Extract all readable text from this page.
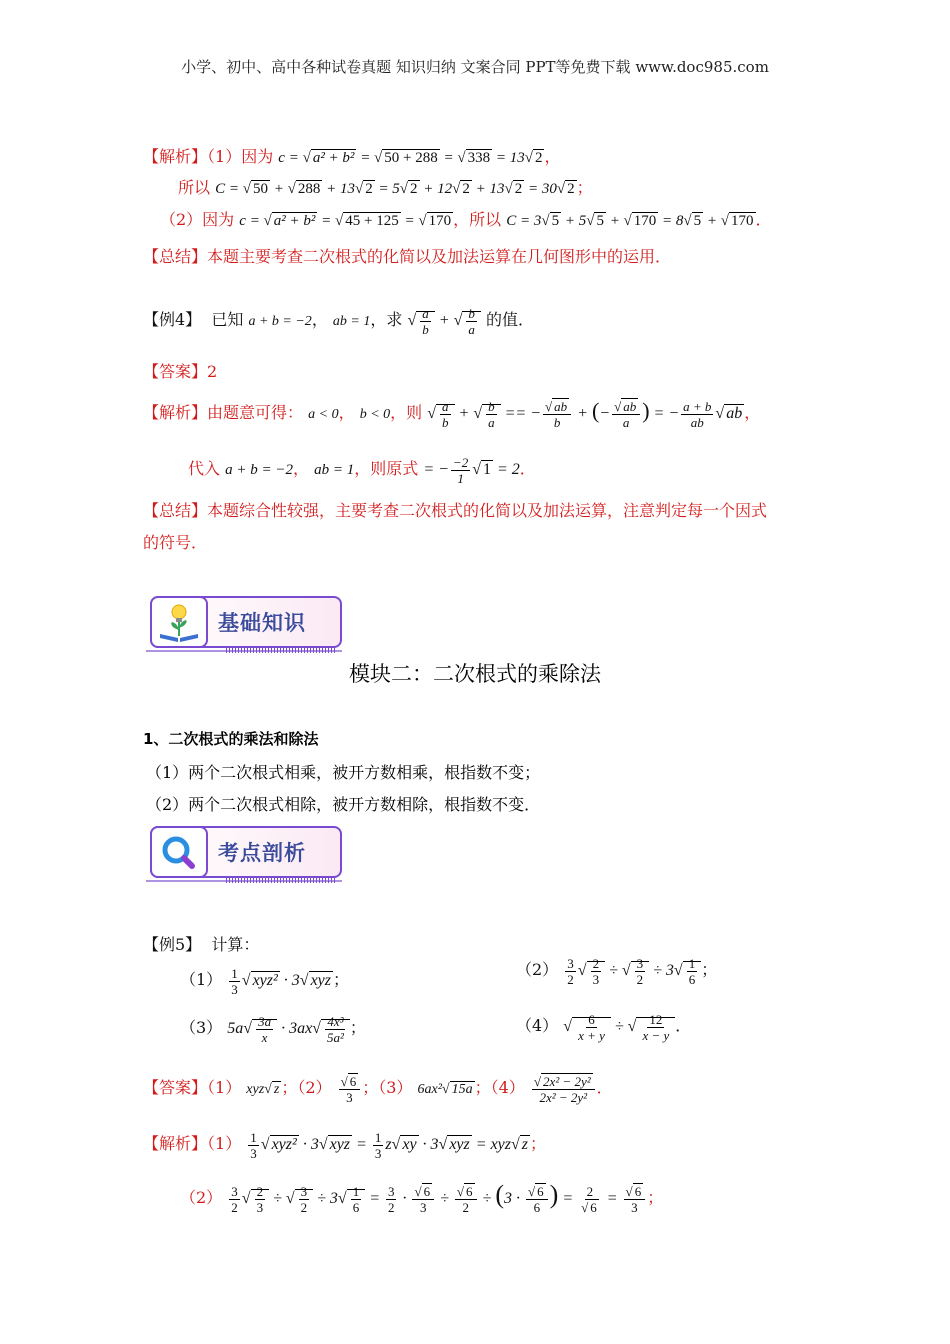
小学、初中、高中各种试卷真题 知识归纳 文案合同 PPT等免费下载 www.doc985.com
【解析】（1）因为 c = √ a² + b² = √ 50 + 288 = √ 338 = 13√ 2 ，
所以 C = √ 50 + √ 288 + 13√ 2 = 5√ 2 + 12√ 2 + 13√ 2 = 30√ 2 ；
（2）因为 c = √ a² + b² = √ 45 + 125 = √ 170 ，所以 C = 3√ 5 + 5√ 5 + √ 170 = 8√ 5 + √ 170 ．
【总结】本题主要考查二次根式的化简以及加法运算在几何图形中的运用．
【例4】 已知 a + b = −2， ab = 1，求 √ $\frac{a}{b}$ + √ $\frac{b}{a}$ 的值．
【答案】2
【解析】由题意可得： a < 0， b < 0，则 √ $\frac{a}{b}$ + √ $\frac{b}{a}$ == − $\frac{√ ab}{b}$ + (− $\frac{√ ab}{a}$ ) = − $\frac{a + b}{ab}$ √ ab ，
代入 a + b = −2， ab = 1，则原式 = − $\frac{-2}{1}$ √ 1 = 2．
【总结】本题综合性较强，主要考查二次根式的化简以及加法运算，注意判定每一个因式
的符号．
基础知识
模块二：二次根式的乘除法
1、二次根式的乘法和除法
（1）两个二次根式相乘，被开方数相乘，根指数不变；
（2）两个二次根式相除，被开方数相除，根指数不变．
考点剖析
【例5】 计算：
$(1) \frac{1}{3}$ √ xyz² · 3√ xyz ；
$(2) \frac{3}{2}$ √ $\frac{2}{3}$ ÷ √ $\frac{3}{2} \div 3√ \frac{1}{6}$ ；
（3） $5a√ \frac{3a}{x} \cdot 3ax√ \frac{\text{4x³}}{\text{5a²}}$ ；	（4） √ $\frac{6}{x + y}$ ÷ √ $\frac{12}{x - y}$ ．
【答案】（1） xyz√ z ；$(2) \frac{√ 6}{3}$ ；（3） 6ax²√ 15a ；$(4) \frac{\text{√ 2x² − 2y²}}{\text{2x² − 2y²}}$ ．
【解析】$(1) \frac{1}{3}$ √ xyz² · 3√ xyz = $\frac{1}{3} z√$ xy · 3√ xyz = xyz√ z ；
$(2) \frac{3}{2}$ √ $\frac{2}{3}$ ÷ √ $\frac{3}{2} \div 3√ \frac{1}{6} = \frac{3}{2} \cdot \frac{√ 6}{3} \div \frac{√ 6}{2} \div (3 \cdot \frac{√ 6}{6}$ ) = $\frac{2}{√ 6} = \frac{√ 6}{3}$ ；
